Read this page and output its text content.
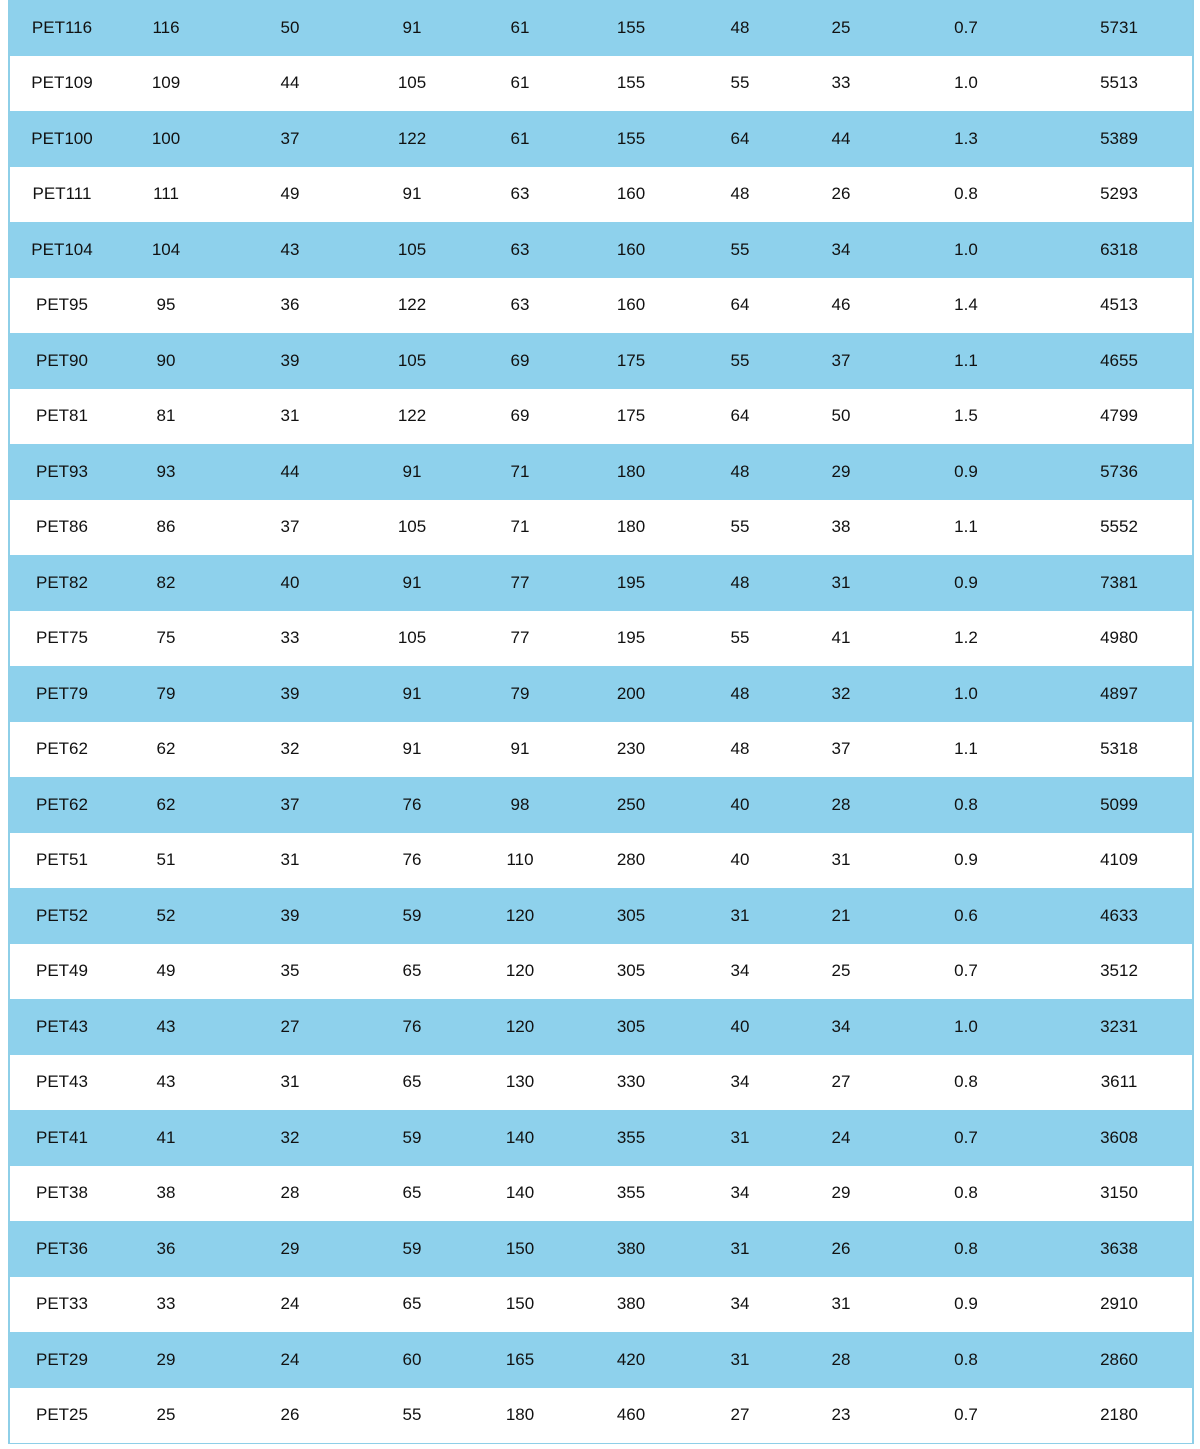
PET116	116	50	91	61	155	48	25	0.7	5731
PET109	109	44	105	61	155	55	33	1.0	5513
PET100	100	37	122	61	155	64	44	1.3	5389
PET111	111	49	91	63	160	48	26	0.8	5293
PET104	104	43	105	63	160	55	34	1.0	6318
PET95	95	36	122	63	160	64	46	1.4	4513
PET90	90	39	105	69	175	55	37	1.1	4655
PET81	81	31	122	69	175	64	50	1.5	4799
PET93	93	44	91	71	180	48	29	0.9	5736
PET86	86	37	105	71	180	55	38	1.1	5552
PET82	82	40	91	77	195	48	31	0.9	7381
PET75	75	33	105	77	195	55	41	1.2	4980
PET79	79	39	91	79	200	48	32	1.0	4897
PET62	62	32	91	91	230	48	37	1.1	5318
PET62	62	37	76	98	250	40	28	0.8	5099
PET51	51	31	76	110	280	40	31	0.9	4109
PET52	52	39	59	120	305	31	21	0.6	4633
PET49	49	35	65	120	305	34	25	0.7	3512
PET43	43	27	76	120	305	40	34	1.0	3231
PET43	43	31	65	130	330	34	27	0.8	3611
PET41	41	32	59	140	355	31	24	0.7	3608
PET38	38	28	65	140	355	34	29	0.8	3150
PET36	36	29	59	150	380	31	26	0.8	3638
PET33	33	24	65	150	380	34	31	0.9	2910
PET29	29	24	60	165	420	31	28	0.8	2860
PET25	25	26	55	180	460	27	23	0.7	2180
